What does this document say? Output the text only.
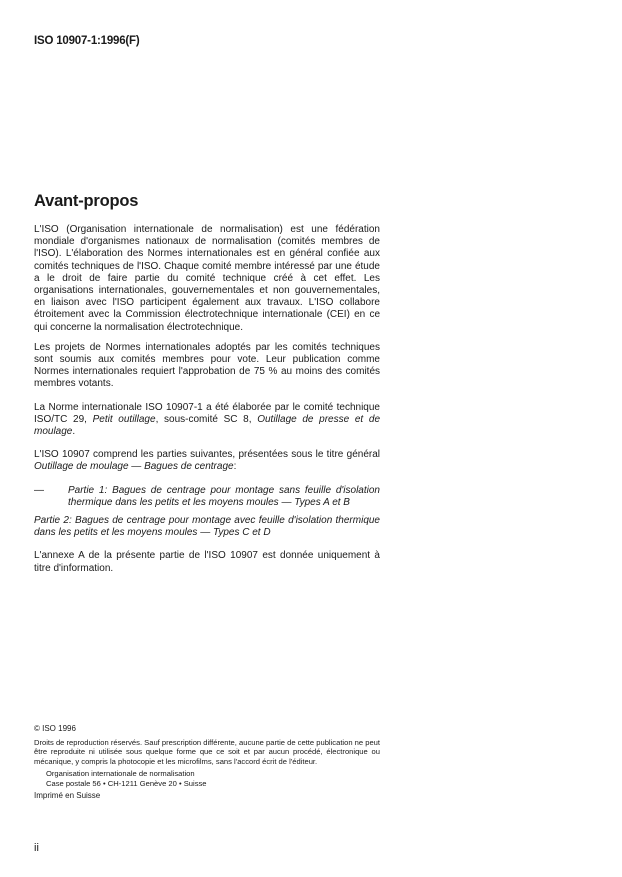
ISO 10907-1:1996(F)
Avant-propos

L'ISO (Organisation internationale de normalisation) est une fédération mondiale d'organismes nationaux de normalisation (comités membres de l'ISO). L'élaboration des Normes internationales est en général confiée aux comités techniques de l'ISO. Chaque comité membre intéressé par une étude a le droit de faire partie du comité technique créé à cet effet. Les organisations internationales, gouvernementales et non gouvernementales, en liaison avec l'ISO participent également aux travaux. L'ISO collabore étroitement avec la Commission électrotechnique internationale (CEI) en ce qui concerne la normalisation électrotechnique.

Les projets de Normes internationales adoptés par les comités techniques sont soumis aux comités membres pour vote. Leur publication comme Normes internationales requiert l'approbation de 75 % au moins des comités membres votants.

La Norme internationale ISO 10907-1 a été élaborée par le comité technique ISO/TC 29, Petit outillage, sous-comité SC 8, Outillage de presse et de moulage.

L'ISO 10907 comprend les parties suivantes, présentées sous le titre général Outillage de moulage — Bagues de centrage:

—	Partie 1: Bagues de centrage pour montage sans feuille d'isolation thermique dans les petits et les moyens moules — Types A et B

Partie 2: Bagues de centrage pour montage avec feuille d'isolation thermique dans les petits et les moyens moules — Types C et D

L'annexe A de la présente partie de l'ISO 10907 est donnée uniquement à titre d'information.

© ISO 1996
Droits de reproduction réservés. Sauf prescription différente, aucune partie de cette publication ne peut être reproduite ni utilisée sous quelque forme que ce soit et par aucun procédé, électronique ou mécanique, y compris la photocopie et les microfilms, sans l'accord écrit de l'éditeur.
Organisation internationale de normalisation
Case postale 56 • CH-1211 Genève 20 • Suisse
Imprimé en Suisse
ii
